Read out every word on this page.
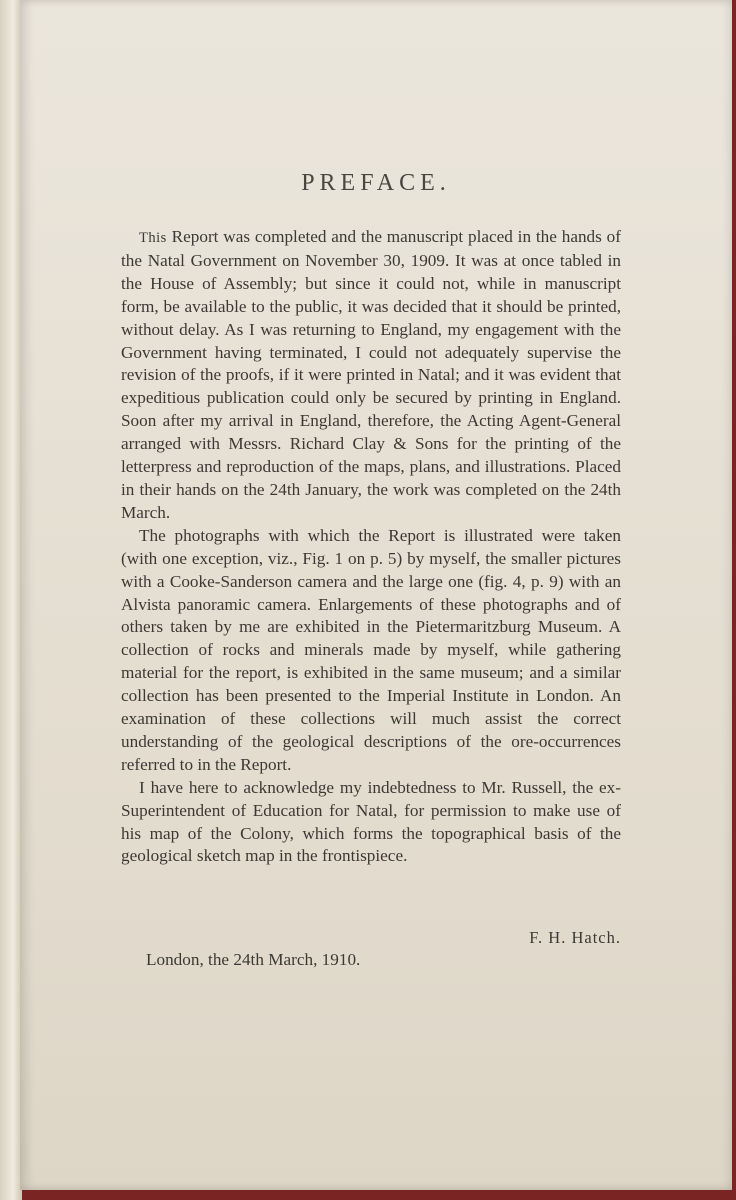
PREFACE.

This Report was completed and the manuscript placed in the hands of the Natal Government on November 30, 1909. It was at once tabled in the House of Assembly; but since it could not, while in manuscript form, be available to the public, it was decided that it should be printed, without delay. As I was returning to England, my engagement with the Government having terminated, I could not adequately supervise the revision of the proofs, if it were printed in Natal; and it was evident that expeditious publication could only be secured by printing in England. Soon after my arrival in England, therefore, the Acting Agent-General arranged with Messrs. Richard Clay & Sons for the printing of the letterpress and reproduction of the maps, plans, and illustrations. Placed in their hands on the 24th January, the work was completed on the 24th March.

The photographs with which the Report is illustrated were taken (with one exception, viz., Fig. 1 on p. 5) by myself, the smaller pictures with a Cooke-Sanderson camera and the large one (fig. 4, p. 9) with an Alvista panoramic camera. Enlargements of these photographs and of others taken by me are exhibited in the Pietermaritzburg Museum. A collection of rocks and minerals made by myself, while gathering material for the report, is exhibited in the same museum; and a similar collection has been presented to the Imperial Institute in London. An examination of these collections will much assist the correct understanding of the geological descriptions of the ore-occurrences referred to in the Report.

I have here to acknowledge my indebtedness to Mr. Russell, the ex-Superintendent of Education for Natal, for permission to make use of his map of the Colony, which forms the topographical basis of the geological sketch map in the frontispiece.

F. H. Hatch.
London, the 24th March, 1910.
